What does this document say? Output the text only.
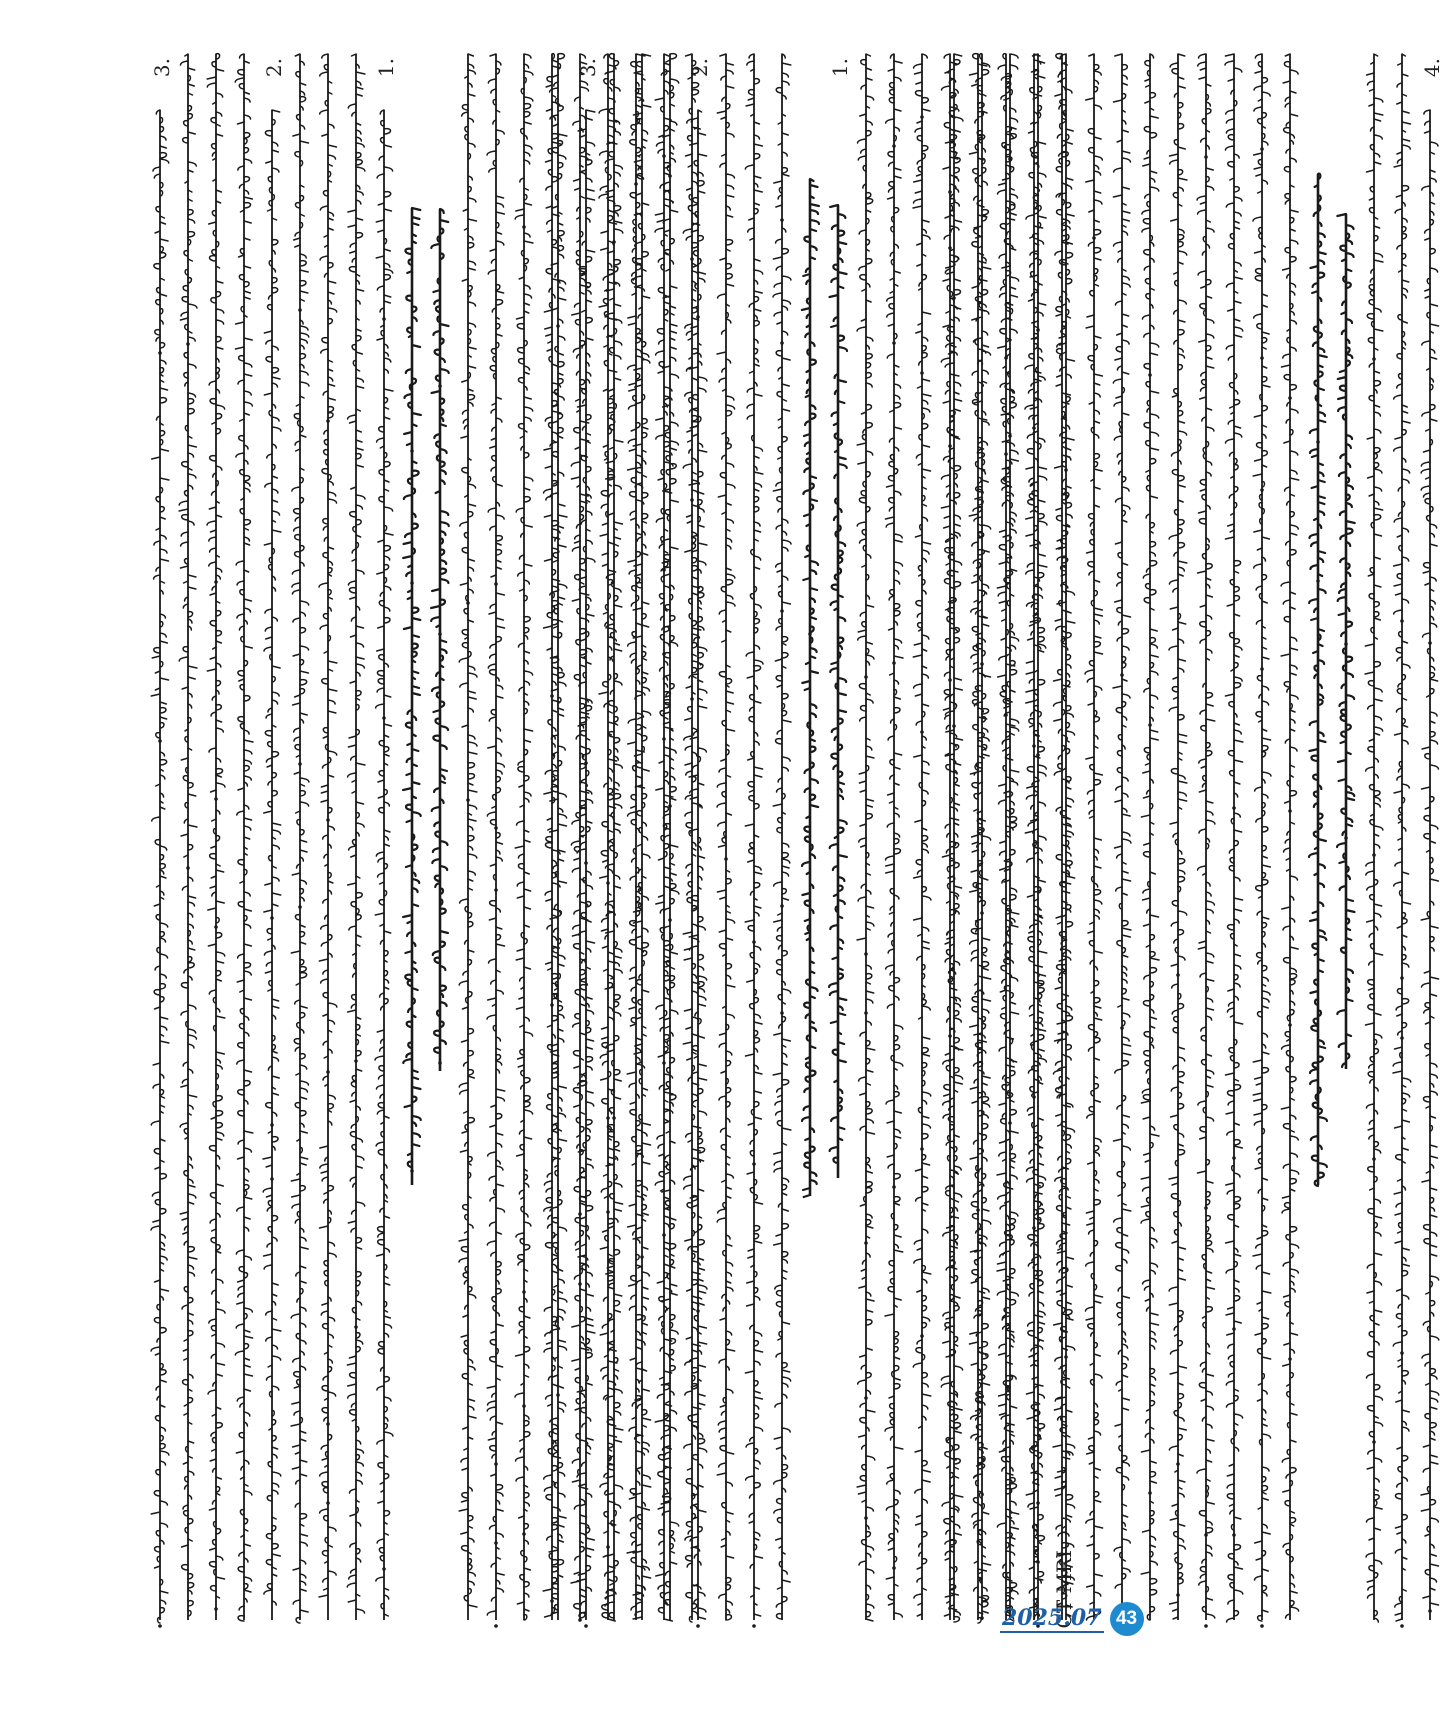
3.	2.	1.	3.	2.	1.
CT MRI
4.
2025.07 43
